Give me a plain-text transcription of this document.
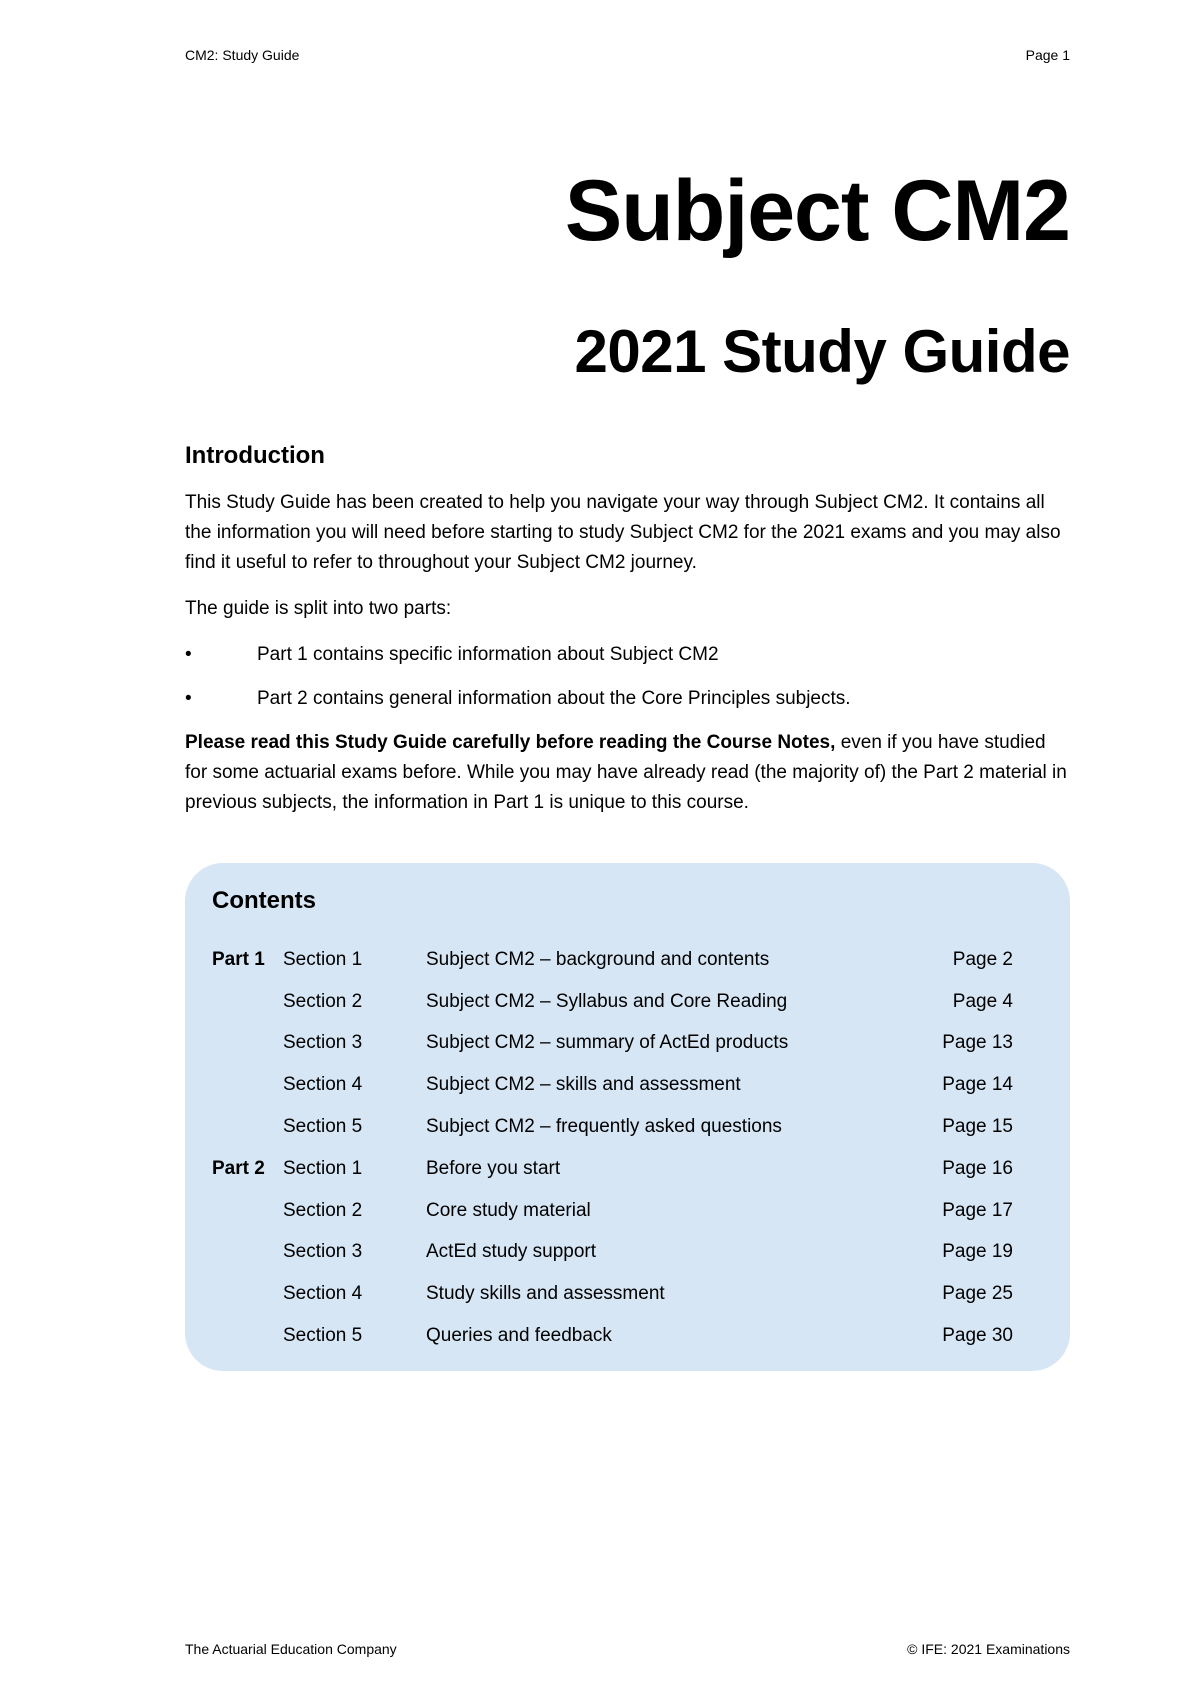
CM2: Study Guide	Page 1
Subject CM2
2021 Study Guide
Introduction

This Study Guide has been created to help you navigate your way through Subject CM2. It contains all the information you will need before starting to study Subject CM2 for the 2021 exams and you may also find it useful to refer to throughout your Subject CM2 journey.

The guide is split into two parts:

•	Part 1 contains specific information about Subject CM2
•	Part 2 contains general information about the Core Principles subjects.

Please read this Study Guide carefully before reading the Course Notes, even if you have studied for some actuarial exams before. While you may have already read (the majority of) the Part 2 material in previous subjects, the information in Part 1 is unique to this course.

Contents
Part 1 Section 1	Subject CM2 – background and contents	Page 2
Section 2	Subject CM2 – Syllabus and Core Reading	Page 4
Section 3	Subject CM2 – summary of ActEd products	Page 13
Section 4	Subject CM2 – skills and assessment	Page 14
Section 5	Subject CM2 – frequently asked questions	Page 15
Part 2 Section 1	Before you start	Page 16
Section 2	Core study material	Page 17
Section 3	ActEd study support	Page 19
Section 4	Study skills and assessment	Page 25
Section 5	Queries and feedback	Page 30
The Actuarial Education Company	© IFE: 2021 Examinations
